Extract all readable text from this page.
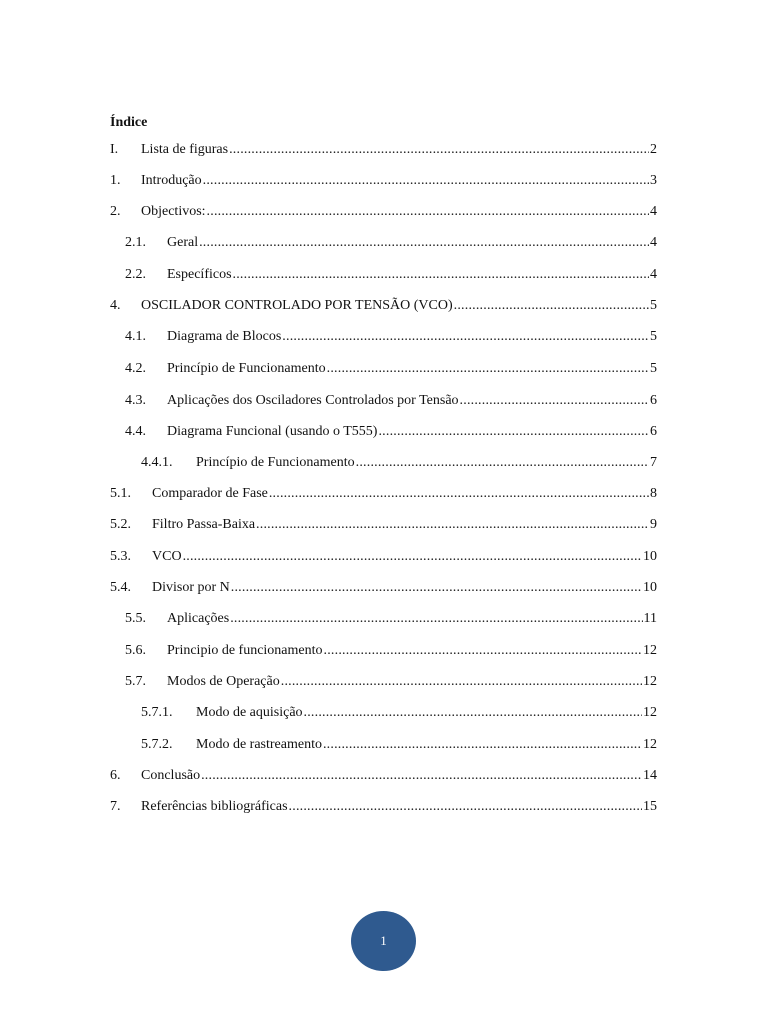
Índice
I.	Lista de figuras .....	2
1.	Introdução .....	3
2.	Objectivos: .....	4
2.1.	Geral .....	4
2.2.	Específicos .....	4
4.	OSCILADOR CONTROLADO POR TENSÃO (VCO) .....	5
4.1.	Diagrama de Blocos .....	5
4.2.	Princípio de Funcionamento .....	5
4.3.	Aplicações dos Osciladores Controlados por Tensão .....	6
4.4.	Diagrama Funcional (usando o T555) .....	6
4.4.1.	Princípio de Funcionamento .....	7
5.1.	Comparador de Fase .....	8
5.2.	Filtro Passa-Baixa .....	9
5.3.	VCO .....	10
5.4.	Divisor por N .....	10
5.5.	Aplicações .....	11
5.6.	Principio de funcionamento .....	12
5.7.	Modos de Operação .....	12
5.7.1.	Modo de aquisição .....	12
5.7.2.	Modo de rastreamento .....	12
6.	Conclusão .....	14
7.	Referências bibliográficas .....	15
1
